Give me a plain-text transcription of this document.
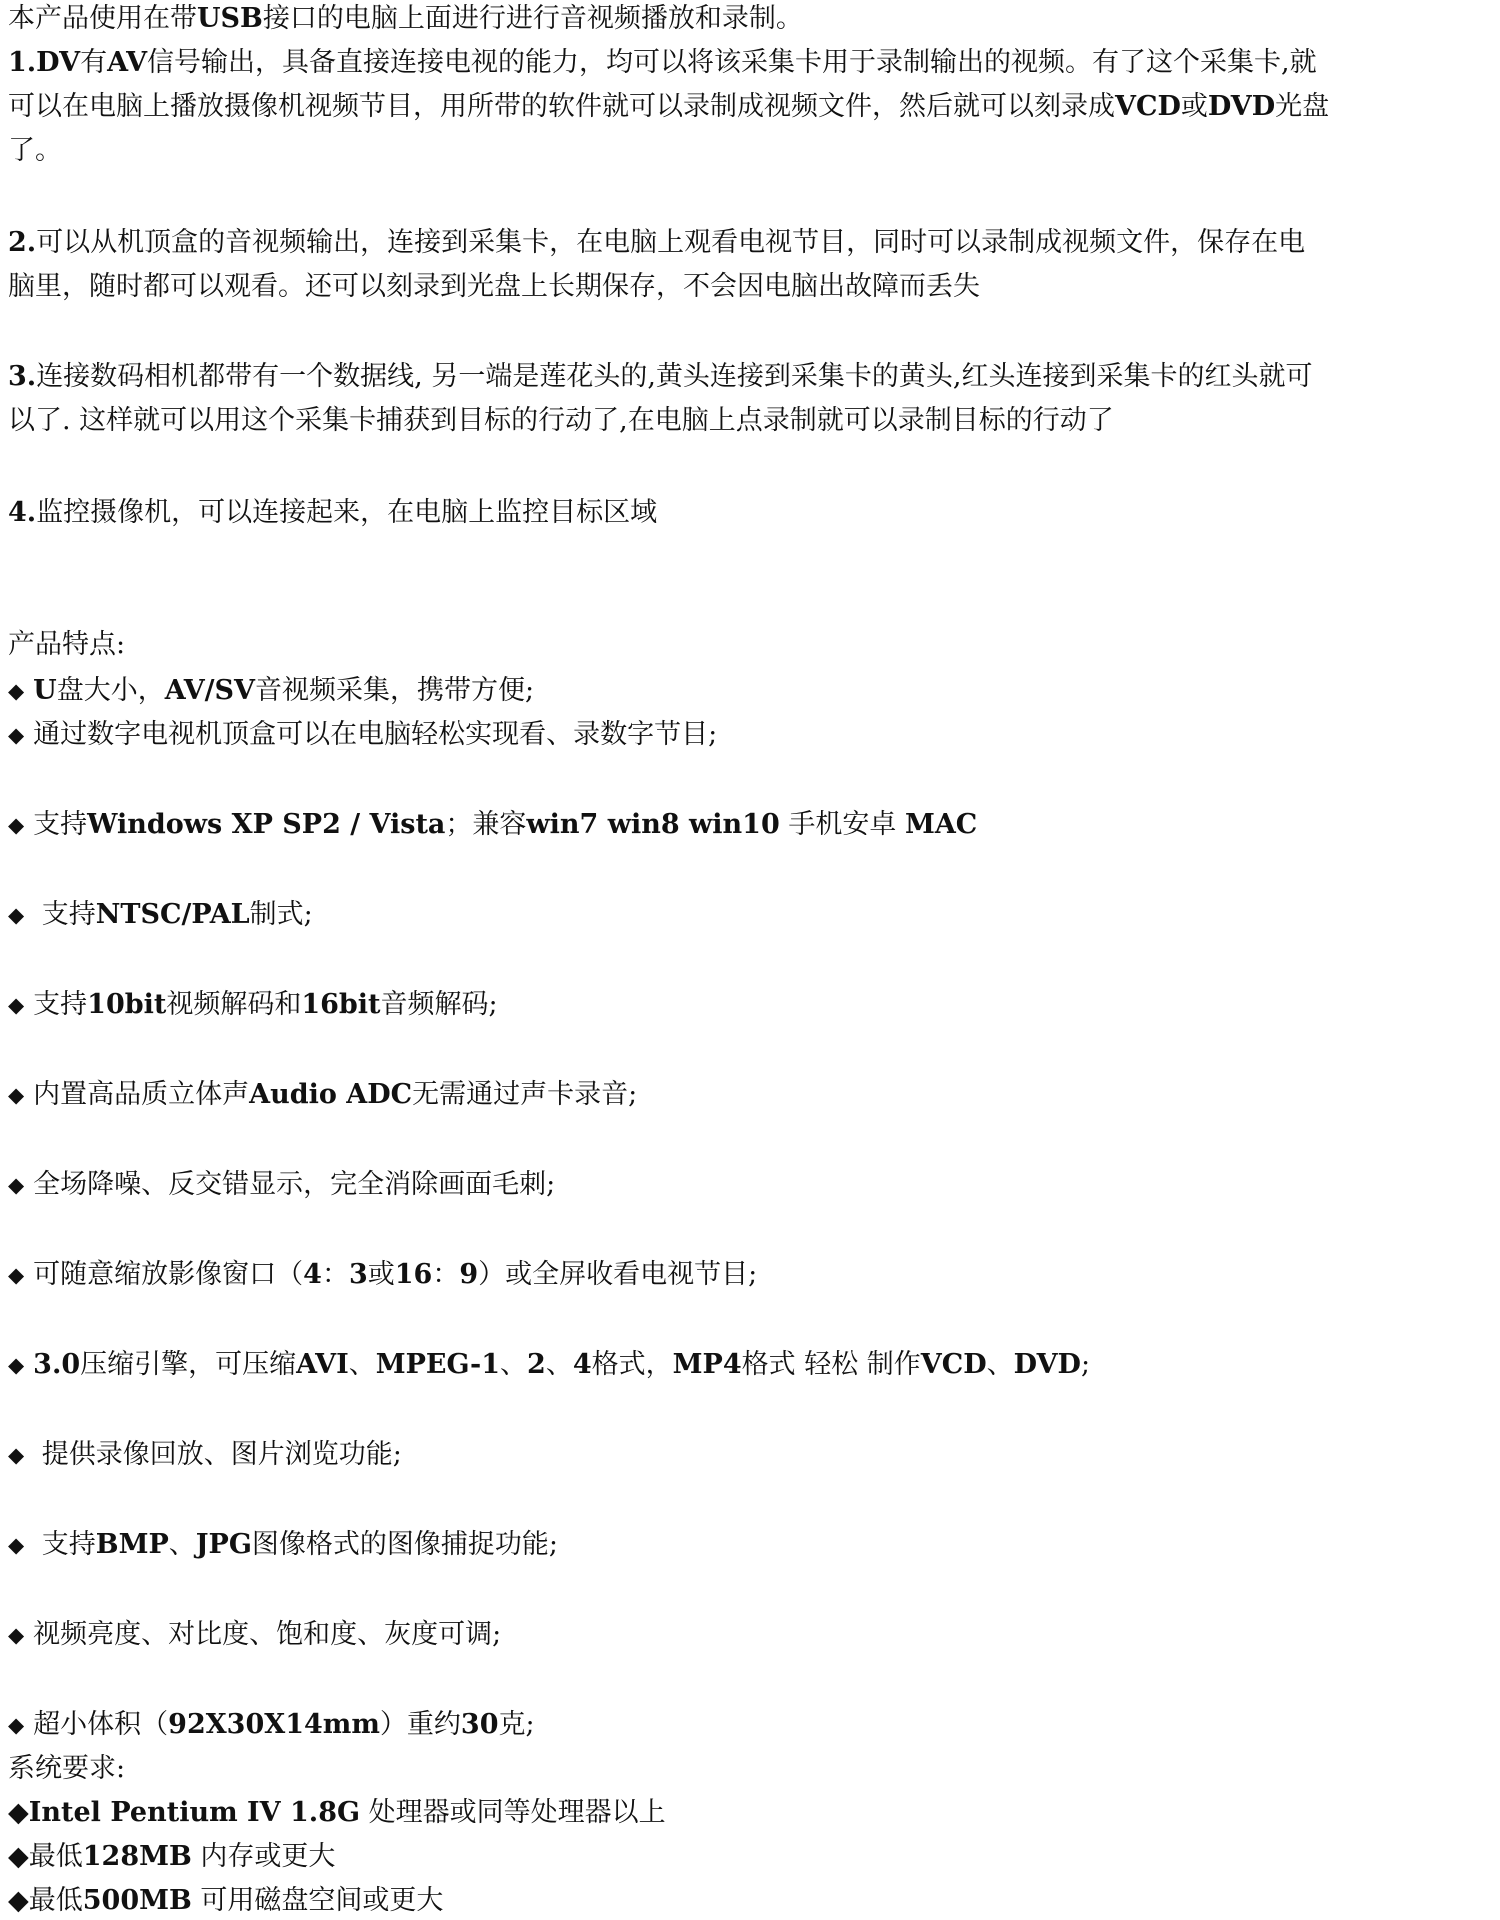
本产品使用在带USB接口的电脑上面进行进行音视频播放和录制。
1.DV有AV信号输出，具备直接连接电视的能力，均可以将该采集卡用于录制输出的视频。有了这个采集卡,就
可以在电脑上播放摄像机视频节目，用所带的软件就可以录制成视频文件，然后就可以刻录成VCD或DVD光盘
了。
2.可以从机顶盒的音视频输出，连接到采集卡，在电脑上观看电视节目，同时可以录制成视频文件，保存在电
脑里，随时都可以观看。还可以刻录到光盘上长期保存，不会因电脑出故障而丢失
3.连接数码相机都带有一个数据线, 另一端是莲花头的,黄头连接到采集卡的黄头,红头连接到采集卡的红头就可
以了. 这样就可以用这个采集卡捕获到目标的行动了,在电脑上点录制就可以录制目标的行动了
4.监控摄像机，可以连接起来，在电脑上监控目标区域
产品特点:
◆ U盘大小，AV/SV音视频采集，携带方便;
◆ 通过数字电视机顶盒可以在电脑轻松实现看、录数字节目;
◆ 支持Windows XP SP2 / Vista；兼容win7 win8 win10 手机安卓 MAC
◆ 支持NTSC/PAL制式;
◆ 支持10bit视频解码和16bit音频解码;
◆ 内置高品质立体声Audio ADC无需通过声卡录音;
◆ 全场降噪、反交错显示，完全消除画面毛刺;
◆ 可随意缩放影像窗口（4：3或16：9）或全屏收看电视节目;
◆ 3.0压缩引擎，可压缩AVI、MPEG-1、2、4格式，MP4格式 轻松 制作VCD、DVD;
◆ 提供录像回放、图片浏览功能;
◆ 支持BMP、JPG图像格式的图像捕捉功能;
◆ 视频亮度、对比度、饱和度、灰度可调;
◆ 超小体积（92X30X14mm）重约30克;
系统要求:
◆Intel Pentium IV 1.8G 处理器或同等处理器以上
◆最低128MB 内存或更大
◆最低500MB 可用磁盘空间或更大
